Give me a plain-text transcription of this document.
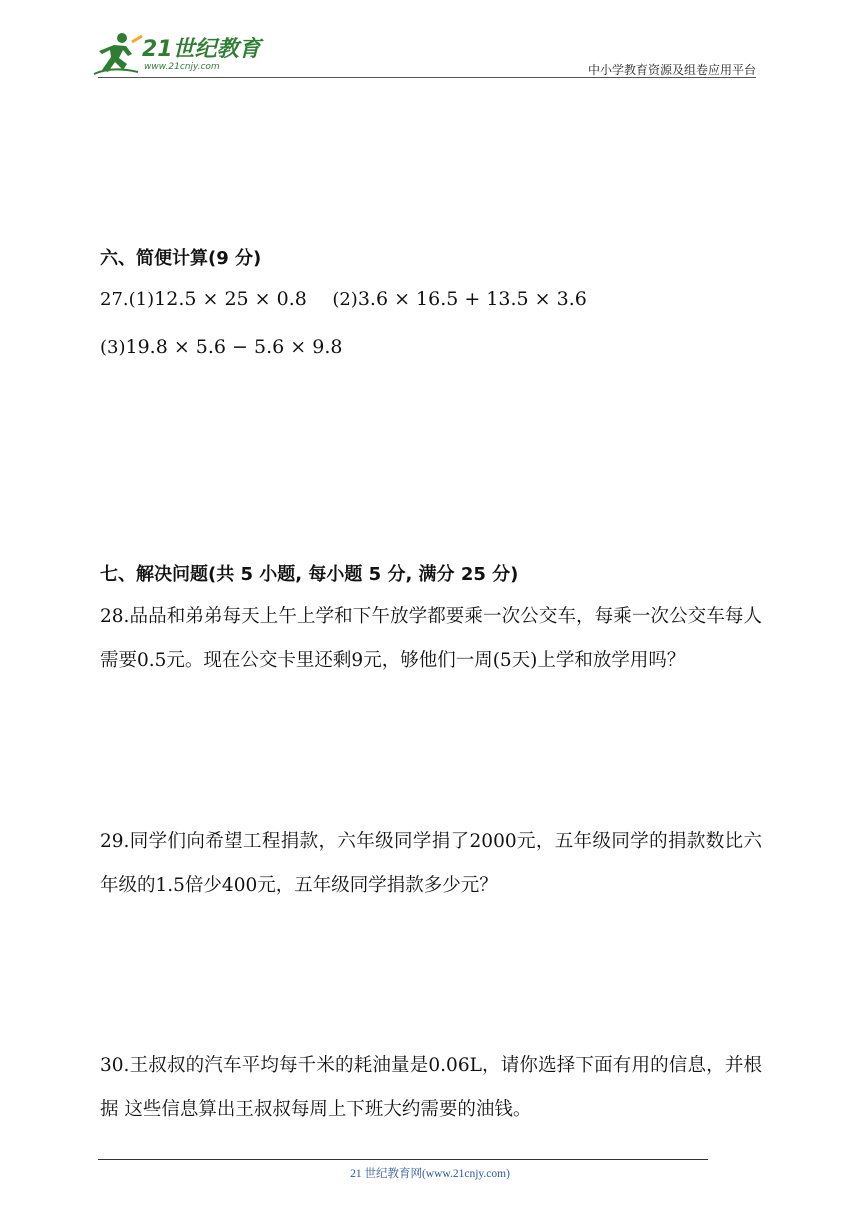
21世纪教育
www.21cnjy.com	中小学教育资源及组卷应用平台
六、简便计算(9 分)
27.(1)12.5 × 25 × 0.8 (2)3.6 × 16.5 + 13.5 × 3.6
(3)19.8 × 5.6 − 5.6 × 9.8
七、解决问题(共 5 小题, 每小题 5 分, 满分 25 分)
28.品品和弟弟每天上午上学和下午放学都要乘一次公交车，每乘一次公交车每人需要0.5元。现在公交卡里还剩9元，够他们一周(5天)上学和放学用吗？
29.同学们向希望工程捐款，六年级同学捐了2000元，五年级同学的捐款数比六年级的1.5倍少400元，五年级同学捐款多少元？
30.王叔叔的汽车平均每千米的耗油量是0.06L，请你选择下面有用的信息，并根据 这些信息算出王叔叔每周上下班大约需要的油钱。
21 世纪教育网(www.21cnjy.com)
